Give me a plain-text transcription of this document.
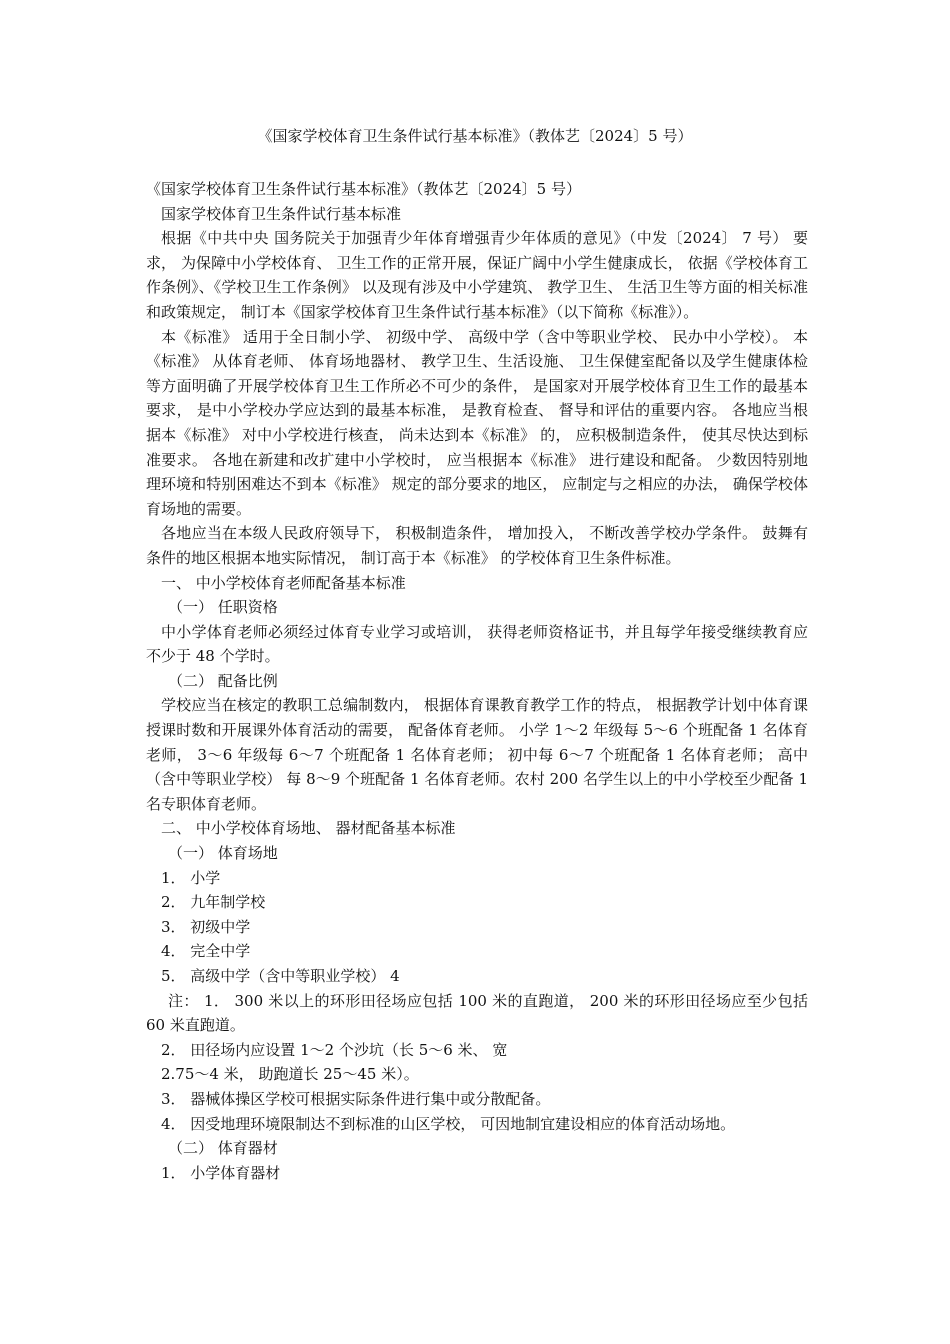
《国家学校体育卫生条件试行基本标准》（教体艺〔2024〕5 号）

《国家学校体育卫生条件试行基本标准》（教体艺〔2024〕5 号）

国家学校体育卫生条件试行基本标准

根据《中共中央 国务院关于加强青少年体育增强青少年体质的意见》（中发〔2024〕 7 号） 要求， 为保障中小学校体育、 卫生工作的正常开展，保证广阔中小学生健康成长， 依据《学校体育工作条例》、《学校卫生工作条例》 以及现有涉及中小学建筑、 教学卫生、 生活卫生等方面的相关标准和政策规定， 制订本《国家学校体育卫生条件试行基本标准》（以下简称《标准》）。

本《标准》 适用于全日制小学、 初级中学、 高级中学（含中等职业学校、 民办中小学校）。 本《标准》 从体育老师、 体育场地器材、 教学卫生、生活设施、 卫生保健室配备以及学生健康体检等方面明确了开展学校体育卫生工作所必不可少的条件， 是国家对开展学校体育卫生工作的最基本要求， 是中小学校办学应达到的最基本标准， 是教育检查、 督导和评估的重要内容。 各地应当根据本《标准》 对中小学校进行核查， 尚未达到本《标准》 的， 应积极制造条件， 使其尽快达到标准要求。 各地在新建和改扩建中小学校时， 应当根据本《标准》 进行建设和配备。 少数因特别地理环境和特别困难达不到本《标准》 规定的部分要求的地区， 应制定与之相应的办法， 确保学校体育场地的需要。

各地应当在本级人民政府领导下， 积极制造条件， 增加投入， 不断改善学校办学条件。 鼓舞有条件的地区根据本地实际情况， 制订高于本《标准》 的学校体育卫生条件标准。

一、 中小学校体育老师配备基本标准

（一） 任职资格

中小学体育老师必须经过体育专业学习或培训， 获得老师资格证书，并且每学年接受继续教育应不少于 48 个学时。

（二） 配备比例

学校应当在核定的教职工总编制数内， 根据体育课教育教学工作的特点， 根据教学计划中体育课授课时数和开展课外体育活动的需要， 配备体育老师。 小学 1～2 年级每 5～6 个班配备 1 名体育老师， 3～6 年级每 6～7 个班配备 1 名体育老师； 初中每 6～7 个班配备 1 名体育老师； 高中（含中等职业学校） 每 8～9 个班配备 1 名体育老师。农村 200 名学生以上的中小学校至少配备 1 名专职体育老师。

二、 中小学校体育场地、 器材配备基本标准

（一） 体育场地

1． 小学

2． 九年制学校

3． 初级中学

4． 完全中学

5． 高级中学（含中等职业学校） 4

注： 1． 300 米以上的环形田径场应包括 100 米的直跑道， 200 米的环形田径场应至少包括 60 米直跑道。

2． 田径场内应设置 1～2 个沙坑（长 5～6 米、 宽

2.75～4 米， 助跑道长 25～45 米）。

3． 器械体操区学校可根据实际条件进行集中或分散配备。

4． 因受地理环境限制达不到标准的山区学校， 可因地制宜建设相应的体育活动场地。

（二） 体育器材

1． 小学体育器材
